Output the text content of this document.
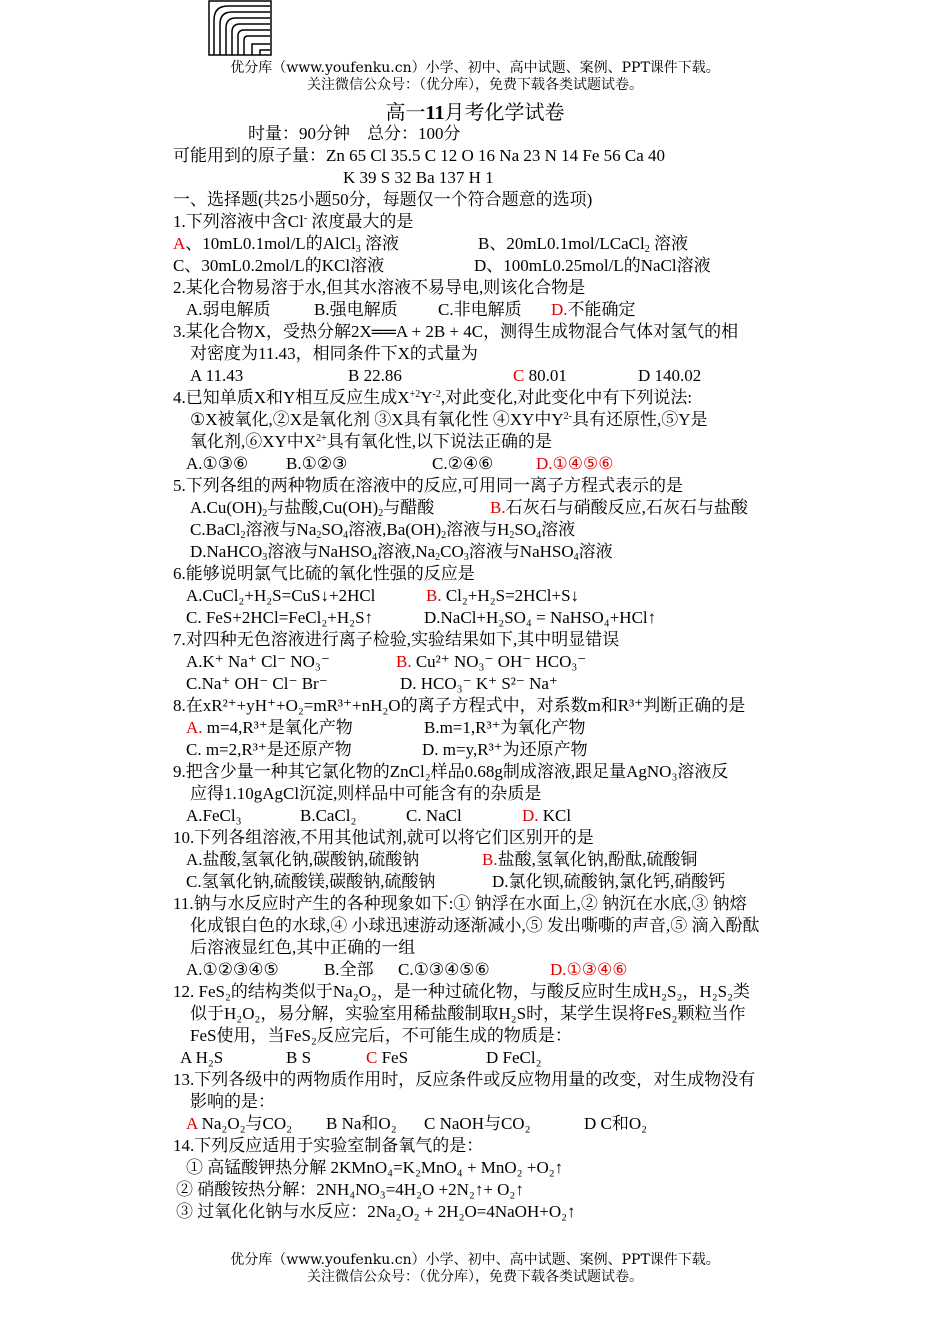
优分库（www.youfenku.cn）小学、初中、高中试题、案例、PPT课件下载。
关注微信公众号：（优分库），免费下载各类试题试卷。
高一11月考化学试卷
时量：90分钟　总分：100分
可能用到的原子量：Zn 65 Cl 35.5 C 12 O 16 Na 23 N 14 Fe 56 Ca 40
K 39 S 32 Ba 137 H 1
一、选择题(共25小题50分，每题仅一个符合题意的选项)
1.下列溶液中含Cl- 浓度最大的是
A、10mL0.1mol/L的AlCl$_3$ 溶液	B、20mL0.1mol/LCaCl$_2$ 溶液
C、30mL0.2mol/L的KCl溶液	D、100mL0.25mol/L的NaCl溶液
2.某化合物易溶于水,但其水溶液不易导电,则该化合物是
A.弱电解质	B.强电解质 C.非电解质 D.不能确定
3.某化合物X，受热分解2X══A + 2B + 4C，测得生成物混合气体对氢气的相
对密度为11.43，相同条件下X的式量为
A 11.43	B 22.86	C 80.01	D 140.02
4.已知单质X和Y相互反应生成$X^{+2}Y^{-2}$,对此变化,对此变化中有下列说法:
①X被氧化,②X是氧化剂 ③X具有氧化性 ④XY中$Y^{2-}$具有还原性,⑤Y是
氧化剂,⑥XY中$X^{2+}$具有氧化性,以下说法正确的是
A.①③⑥ B.①②③	C.②④⑥	D.①④⑤⑥
5.下列各组的两种物质在溶液中的反应,可用同一离子方程式表示的是
$A.Cu(OH)_2$与盐酸$,Cu(OH)_2$与醋酸	B.石灰石与硝酸反应,石灰石与盐酸
C.BaCl$_2$溶液与$Na_2SO_4$溶液$,Ba(OH)_2$溶液与$H_2SO_4$溶液
D.NaHCO$_3$溶液与NaHSO$_4$溶液$,Na_2CO_3$溶液与NaHSO$_4$溶液
6.能够说明氯气比硫的氧化性强的反应是
A.CuCl₂+H₂S=CuS↓+2HCl	B. Cl₂+H₂S=2HCl+S↓
C. FeS+2HCl=FeCl₂+H₂S↑	D.NaCl+H₂SO₄ = NaHSO₄+HCl↑
7.对四种无色溶液进行离子检验,实验结果如下,其中明显错误
A.K⁺ Na⁺ Cl⁻ NO₃⁻	B. Cu²⁺ NO₃⁻ OH⁻ HCO₃⁻
C.Na⁺ OH⁻ Cl⁻ Br⁻	D. HCO₃⁻ K⁺ S²⁻ Na⁺
8.在xR²⁺+yH⁺+O₂=mR³⁺+nH₂O的离子方程式中，对系数m和R³⁺判断正确的是
A. m=4,R³⁺是氧化产物	B.m=1,R³⁺为氧化产物
C. m=2,R³⁺是还原产物	D. m=y,R³⁺为还原产物
9.把含少量一种其它氯化物的ZnCl₂样品0.68g制成溶液,跟足量AgNO₃溶液反
应得1.10gAgCl沉淀,则样品中可能含有的杂质是
A.FeCl₃	B.CaCl₂	C. NaCl	D. KCl
10.下列各组溶液,不用其他试剂,就可以将它们区别开的是
A.盐酸,氢氧化钠,碳酸钠,硫酸钠	B.盐酸,氢氧化钠,酚酞,硫酸铜
C.氢氧化钠,硫酸镁,碳酸钠,硫酸钠	D.氯化钡,硫酸钠,氯化钙,硝酸钙
11.钠与水反应时产生的各种现象如下:① 钠浮在水面上,② 钠沉在水底,③ 钠熔
化成银白色的水球,④ 小球迅速游动逐渐减小,⑤ 发出嘶嘶的声音,⑤ 滴入酚酞
后溶液显红色,其中正确的一组
A.①②③④⑤	B.全部 C.①③④⑤⑥	D.①③④⑥
12. FeS₂的结构类似于Na₂O₂，是一种过硫化物，与酸反应时生成H₂S₂，H₂S₂类
似于H₂O₂，易分解，实验室用稀盐酸制取H₂S时，某学生误将FeS₂颗粒当作
FeS使用，当FeS₂反应完后，不可能生成的物质是：
A H₂S	B S	C FeS	D FeCl₂
13.下列各级中的两物质作用时，反应条件或反应物用量的改变，对生成物没有
影响的是：
A Na₂O₂与CO₂ B Na和O₂ C NaOH与CO₂	D C和O₂
14.下列反应适用于实验室制备氧气的是：
① 高锰酸钾热分解 2KMnO₄=K₂MnO₄ + MnO₂ +O₂↑
② 硝酸铵热分解：2NH₄NO₃=4H₂O +2N₂↑+ O₂↑
③ 过氧化化钠与水反应：2Na₂O₂ + 2H₂O=4NaOH+O₂↑
优分库（www.youfenku.cn）小学、初中、高中试题、案例、PPT课件下载。
关注微信公众号：（优分库），免费下载各类试题试卷。
